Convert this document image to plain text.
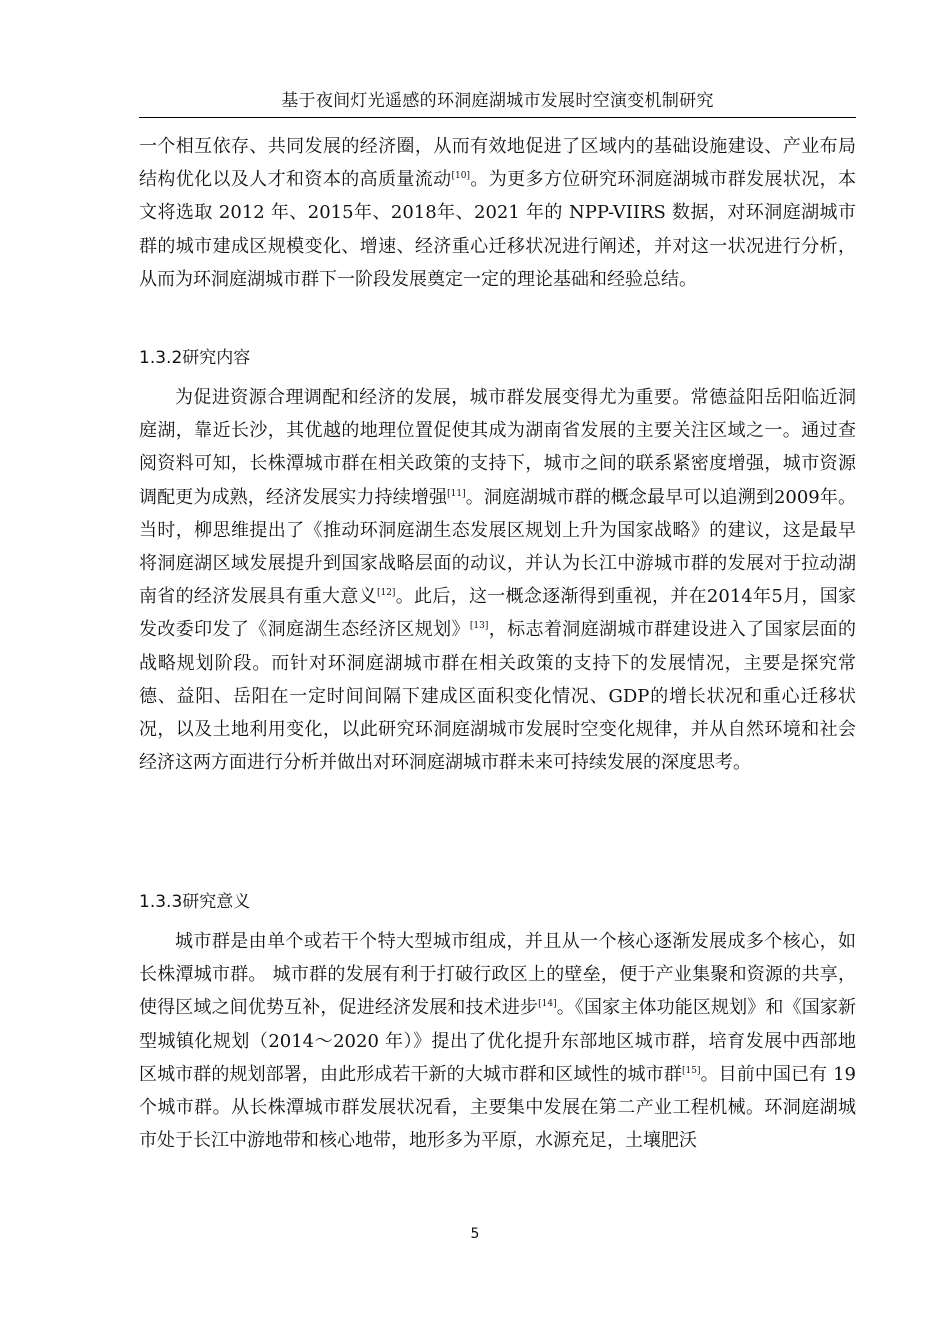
基于夜间灯光遥感的环洞庭湖城市发展时空演变机制研究

一个相互依存、共同发展的经济圈，从而有效地促进了区域内的基础设施建设、产业布局结构优化以及人才和资本的高质量流动[10]。为更多方位研究环洞庭湖城市群发展状况，本文将选取 2012 年、2015年、2018年、2021 年的 NPP-VIIRS 数据，对环洞庭湖城市群的城市建成区规模变化、增速、经济重心迁移状况进行阐述，并对这一状况进行分析，从而为环洞庭湖城市群下一阶段发展奠定一定的理论基础和经验总结。

1.3.2研究内容

为促进资源合理调配和经济的发展，城市群发展变得尤为重要。常德益阳岳阳临近洞庭湖，靠近长沙，其优越的地理位置促使其成为湖南省发展的主要关注区域之一。通过查阅资料可知，长株潭城市群在相关政策的支持下，城市之间的联系紧密度增强，城市资源调配更为成熟，经济发展实力持续增强[11]。洞庭湖城市群的概念最早可以追溯到2009年。当时，柳思维提出了《推动环洞庭湖生态发展区规划上升为国家战略》的建议，这是最早将洞庭湖区域发展提升到国家战略层面的动议，并认为长江中游城市群的发展对于拉动湖南省的经济发展具有重大意义[12]。此后，这一概念逐渐得到重视，并在2014年5月，国家发改委印发了《洞庭湖生态经济区规划》[13]，标志着洞庭湖城市群建设进入了国家层面的战略规划阶段。而针对环洞庭湖城市群在相关政策的支持下的发展情况，主要是探究常德、益阳、岳阳在一定时间间隔下建成区面积变化情况、GDP的增长状况和重心迁移状况，以及土地利用变化，以此研究环洞庭湖城市发展时空变化规律，并从自然环境和社会经济这两方面进行分析并做出对环洞庭湖城市群未来可持续发展的深度思考。

1.3.3研究意义

城市群是由单个或若干个特大型城市组成，并且从一个核心逐渐发展成多个核心，如长株潭城市群。 城市群的发展有利于打破行政区上的壁垒，便于产业集聚和资源的共享，使得区域之间优势互补，促进经济发展和技术进步[14]。《国家主体功能区规划》和《国家新型城镇化规划（2014～2020 年）》提出了优化提升东部地区城市群，培育发展中西部地区城市群的规划部署，由此形成若干新的大城市群和区域性的城市群[15]。目前中国已有 19 个城市群。从长株潭城市群发展状况看，主要集中发展在第二产业工程机械。环洞庭湖城市处于长江中游地带和核心地带，地形多为平原，水源充足，土壤肥沃

5
